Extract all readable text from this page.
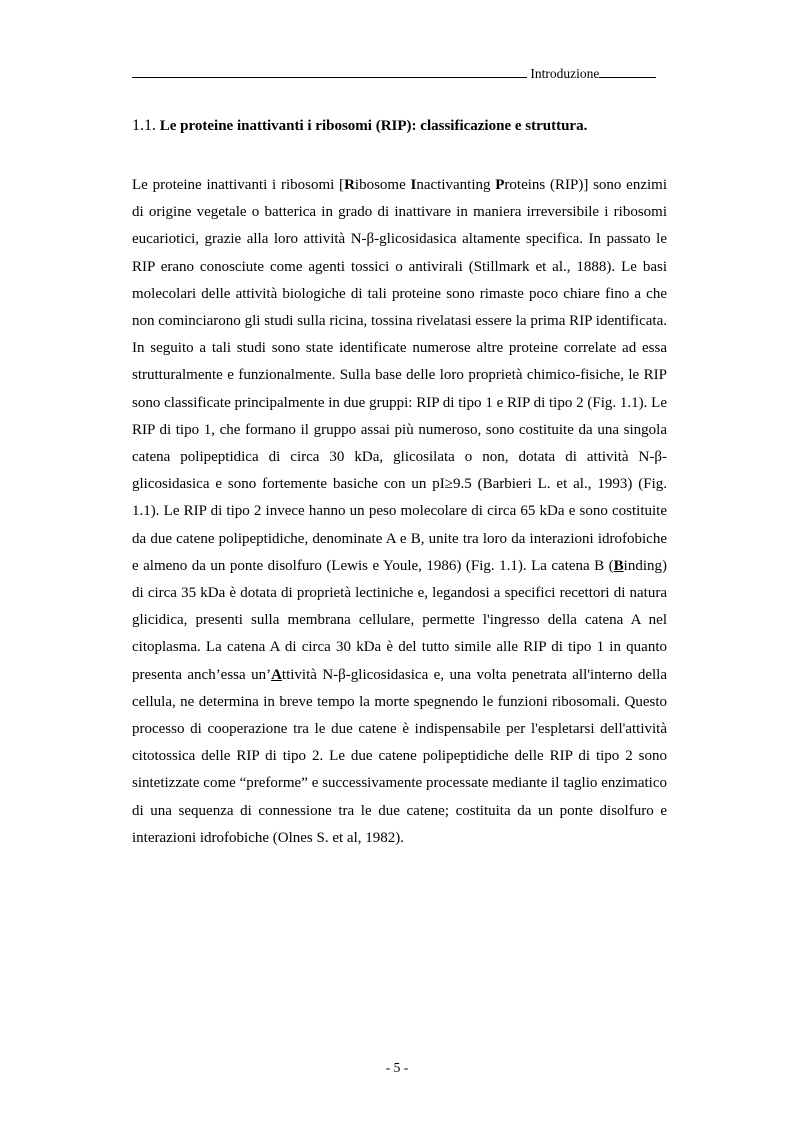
Introduzione
1.1. Le proteine inattivanti i ribosomi (RIP): classificazione e struttura.

Le proteine inattivanti i ribosomi [Ribosome Inactivanting Proteins (RIP)] sono enzimi di origine vegetale o batterica in grado di inattivare in maniera irreversibile i ribosomi eucariotici, grazie alla loro attività N-β-glicosidasica altamente specifica. In passato le RIP erano conosciute come agenti tossici o antivirali (Stillmark et al., 1888). Le basi molecolari delle attività biologiche di tali proteine sono rimaste poco chiare fino a che non cominciarono gli studi sulla ricina, tossina rivelatasi essere la prima RIP identificata. In seguito a tali studi sono state identificate numerose altre proteine correlate ad essa strutturalmente e funzionalmente. Sulla base delle loro proprietà chimico-fisiche, le RIP sono classificate principalmente in due gruppi: RIP di tipo 1 e RIP di tipo 2 (Fig. 1.1). Le RIP di tipo 1, che formano il gruppo assai più numeroso, sono costituite da una singola catena polipeptidica di circa 30 kDa, glicosilata o non, dotata di attività N-β-glicosidasica e sono fortemente basiche con un pI≥9.5 (Barbieri L. et al., 1993) (Fig. 1.1). Le RIP di tipo 2 invece hanno un peso molecolare di circa 65 kDa e sono costituite da due catene polipeptidiche, denominate A e B, unite tra loro da interazioni idrofobiche e almeno da un ponte disolfuro (Lewis e Youle, 1986) (Fig. 1.1). La catena B (Binding) di circa 35 kDa è dotata di proprietà lectiniche e, legandosi a specifici recettori di natura glicidica, presenti sulla membrana cellulare, permette l'ingresso della catena A nel citoplasma. La catena A di circa 30 kDa è del tutto simile alle RIP di tipo 1 in quanto presenta anch’essa un’Attività N-β-glicosidasica e, una volta penetrata all'interno della cellula, ne determina in breve tempo la morte spegnendo le funzioni ribosomali. Questo processo di cooperazione tra le due catene è indispensabile per l'espletarsi dell'attività citotossica delle RIP di tipo 2. Le due catene polipeptidiche delle RIP di tipo 2 sono sintetizzate come “preforme” e successivamente processate mediante il taglio enzimatico di una sequenza di connessione tra le due catene; costituita da un ponte disolfuro e interazioni idrofobiche (Olnes S. et al, 1982).

- 5 -
